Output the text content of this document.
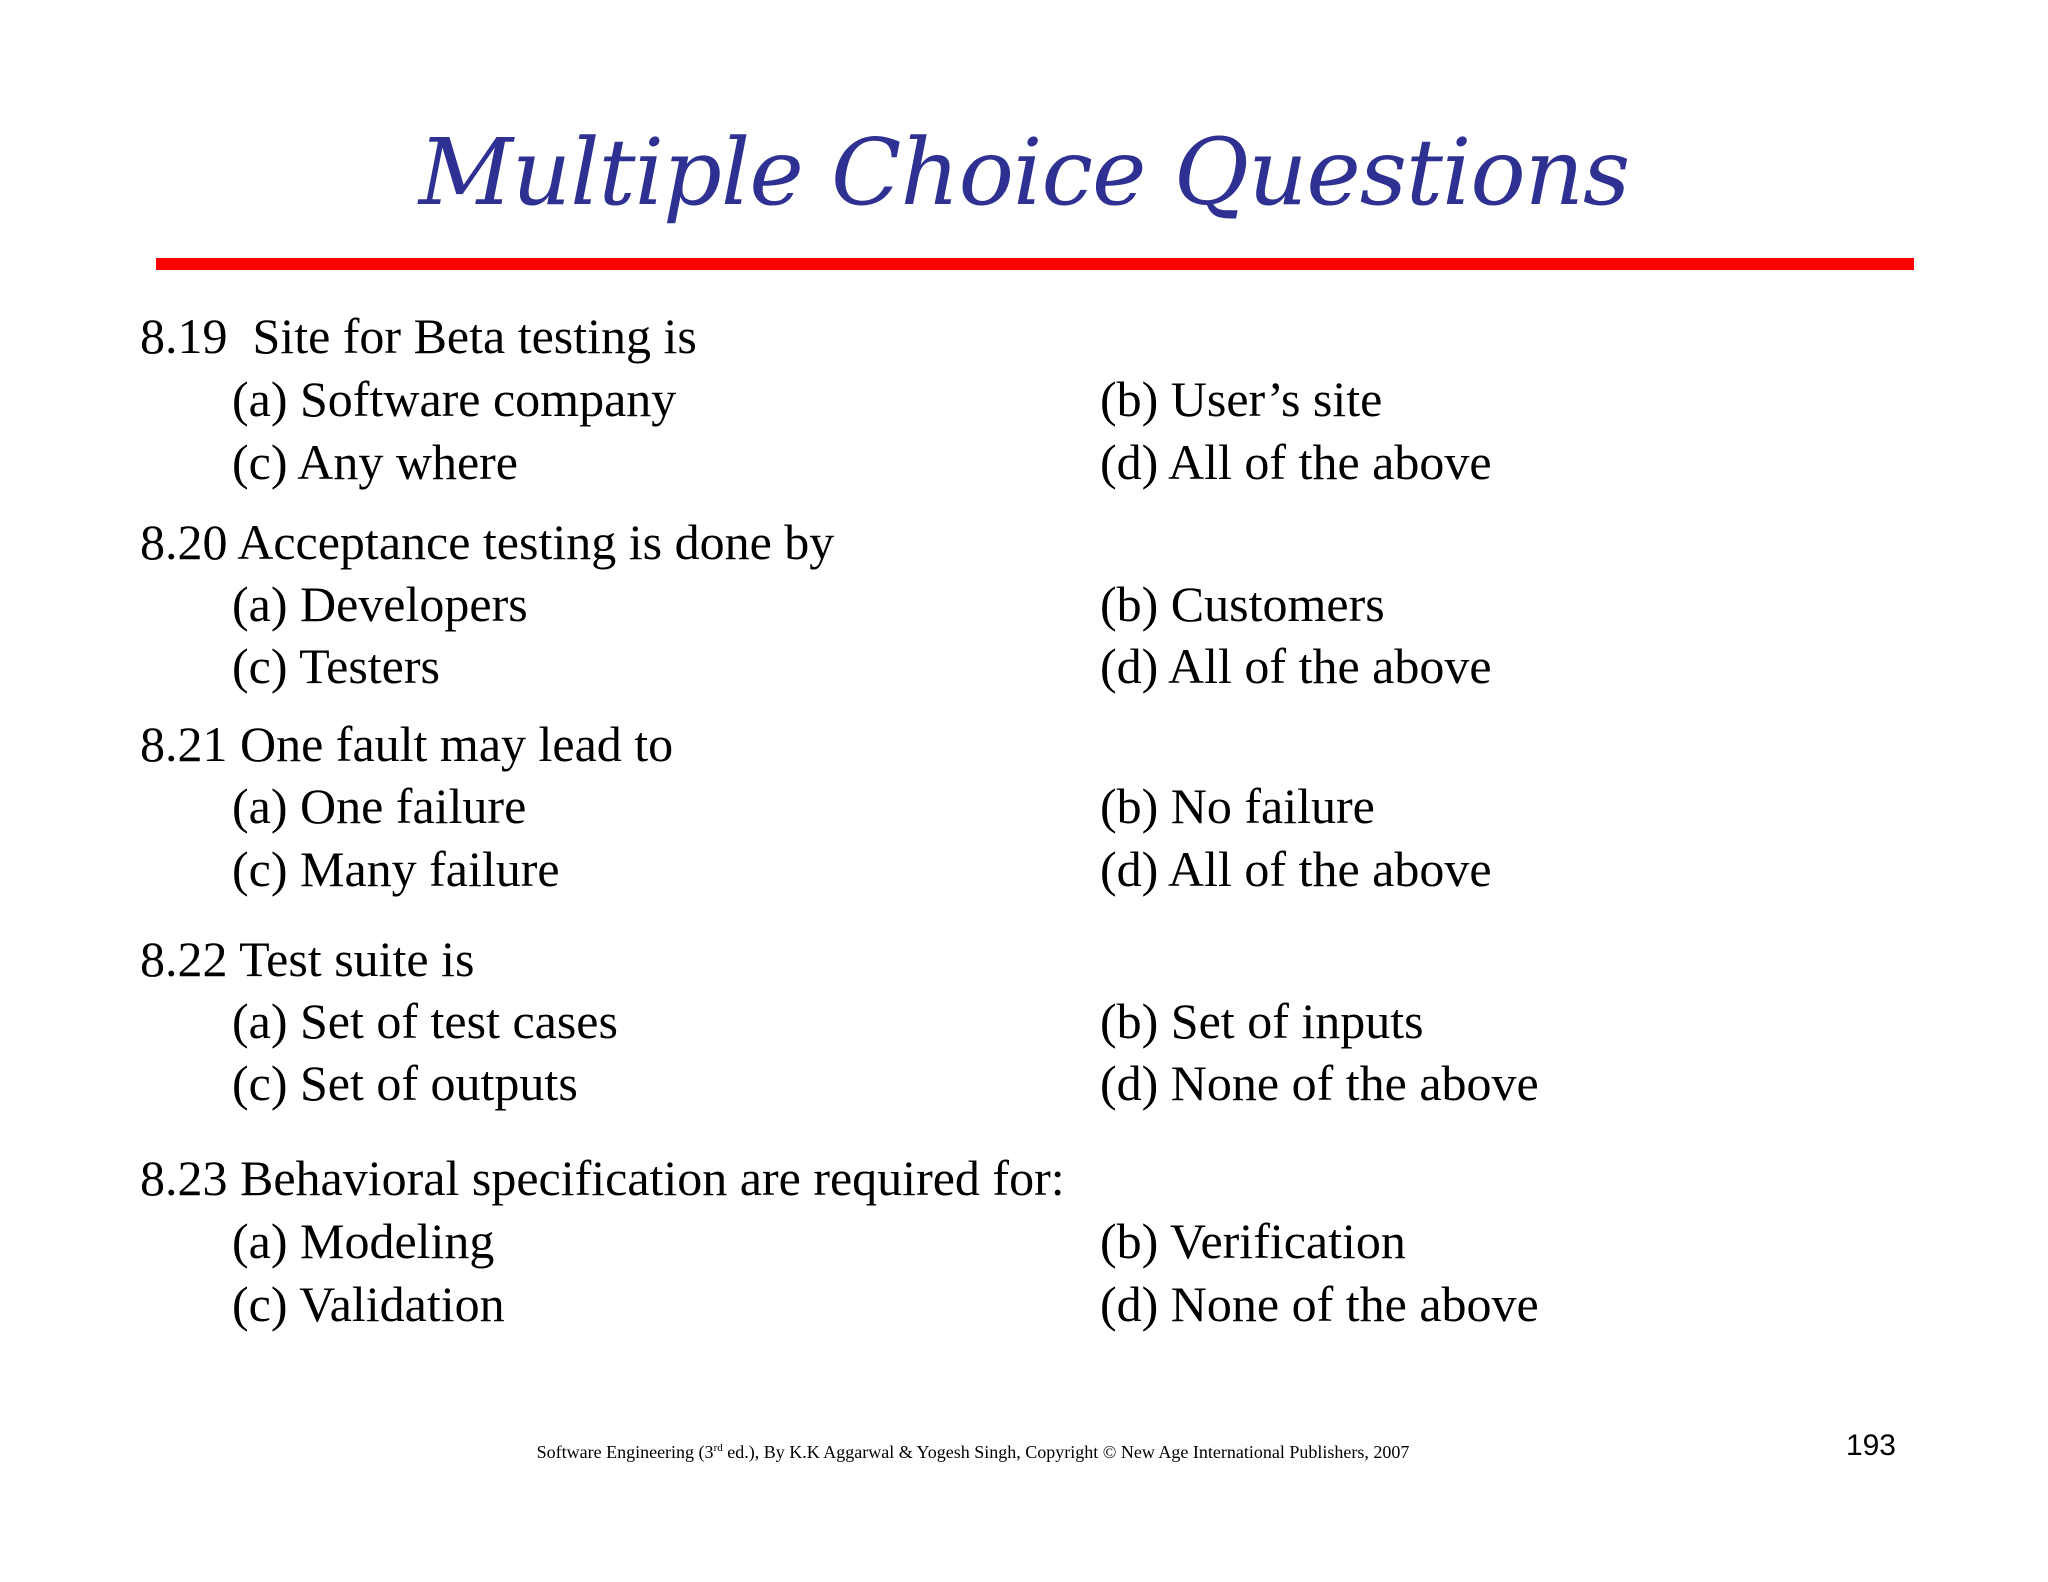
Multiple Choice Questions
8.19  Site for Beta testing is
(a) Software company	(b) User’s site
(c) Any where	(d) All of the above
8.20 Acceptance testing is done by
(a) Developers	(b) Customers
(c) Testers	(d) All of the above
8.21 One fault may lead to
(a) One failure	(b) No failure
(c) Many failure	(d) All of the above
8.22 Test suite is
(a) Set of test cases	(b) Set of inputs
(c) Set of outputs	(d) None of the above
8.23 Behavioral specification are required for:
(a) Modeling	(b) Verification
(c) Validation	(d) None of the above
Software Engineering (3rd ed.), By K.K Aggarwal & Yogesh Singh, Copyright © New Age International Publishers, 2007	193
